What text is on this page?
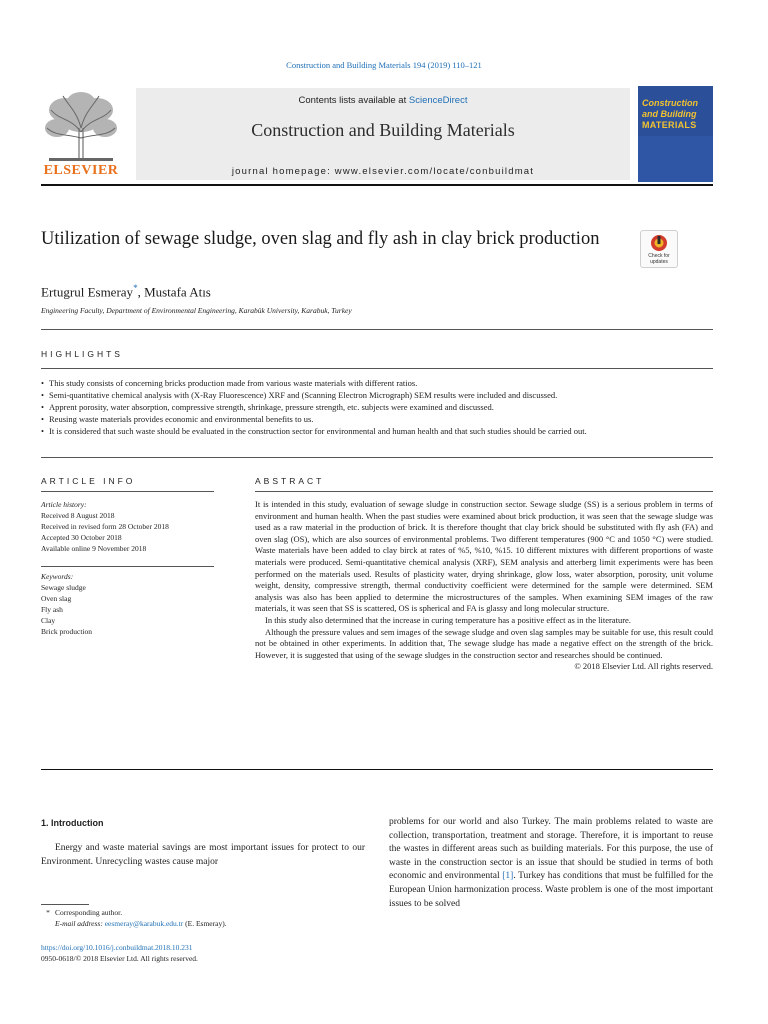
Construction and Building Materials 194 (2019) 110–121
ELSEVIER
Contents lists available at ScienceDirect
Construction and Building Materials
journal homepage: www.elsevier.com/locate/conbuildmat
Construction
and Building
MATERIALS
Utilization of sewage sludge, oven slag and fly ash in clay brick production
Check for updates
Ertugrul Esmeray*, Mustafa Atıs
Engineering Faculty, Department of Environmental Engineering, Karabük University, Karabuk, Turkey
HIGHLIGHTS
• This study consists of concerning bricks production made from various waste materials with different ratios.
• Semi-quantitative chemical analysis with (X-Ray Fluorescence) XRF and (Scanning Electron Micrograph) SEM results were included and discussed.
• Apprent porosity, water absorption, compressive strength, shrinkage, pressure strength, etc. subjects were examined and discussed.
• Reusing waste materials provides economic and environmental benefits to us.
• It is considered that such waste should be evaluated in the construction sector for environmental and human health and that such studies should be carried out.
ARTICLE INFO
Article history:
Received 8 August 2018
Received in revised form 28 October 2018
Accepted 30 October 2018
Available online 9 November 2018
Keywords:
Sewage sludge
Oven slag
Fly ash
Clay
Brick production
ABSTRACT

It is intended in this study, evaluation of sewage sludge in construction sector. Sewage sludge (SS) is a serious problem in terms of environment and human health. When the past studies were examined about brick production, it was seen that the sewage sludge was used as a raw material in the production of brick. It is therefore thought that clay brick should be substituted with fly ash (FA) and oven slag (OS), which are also sources of environmental problems. Two different temperatures (900 °C and 1050 °C) were studied. Waste materials have been added to clay birck at rates of %5, %10, %15. 10 different mixtures with different proportions of waste materials were produced. Semi-quantitative chemical analysis (XRF), SEM analysis and atterberg limit experiments were has been performed on the materials used. Results of plasticity water, drying shrinkage, glow loss, water absorption, porosity, unit volume weight, density, compressive strength, thermal conductivity coefficient were determined for the sample were determined. SEM analysis was also has been applied to determine the microstructures of the samples. When examining SEM images of the raw materials, it was seen that SS is scattered, OS is spherical and FA is glassy and long molecular structure.

In this study also determined that the increase in curing temperature has a positive effect as in the literature.

Although the pressure values and sem images of the sewage sludge and oven slag samples may be suitable for use, this result could not be obtained in other experiments. In addition that, The sewage sludge has made a negative effect on the strength of the brick. However, it is suggested that using of the sewage sludges in the construction sector and researches should be continued.

© 2018 Elsevier Ltd. All rights reserved.

1. Introduction
Energy and waste material savings are most important issues for protect to our Environment. Unrecycling wastes cause major
problems for our world and also Turkey. The main problems related to waste are collection, transportation, treatment and storage. Therefore, it is important to reuse the wastes in different areas such as building materials. For this purpose, the use of waste in the construction sector is an issue that should be studied in terms of both economic and environmental [1]. Turkey has conditions that must be fulfilled for the European Union harmonization process. Waste problem is one of the most important issues to be solved
* Corresponding author.
E-mail address: eesmeray@karabuk.edu.tr (E. Esmeray).
https://doi.org/10.1016/j.conbuildmat.2018.10.231
0950-0618/© 2018 Elsevier Ltd. All rights reserved.
